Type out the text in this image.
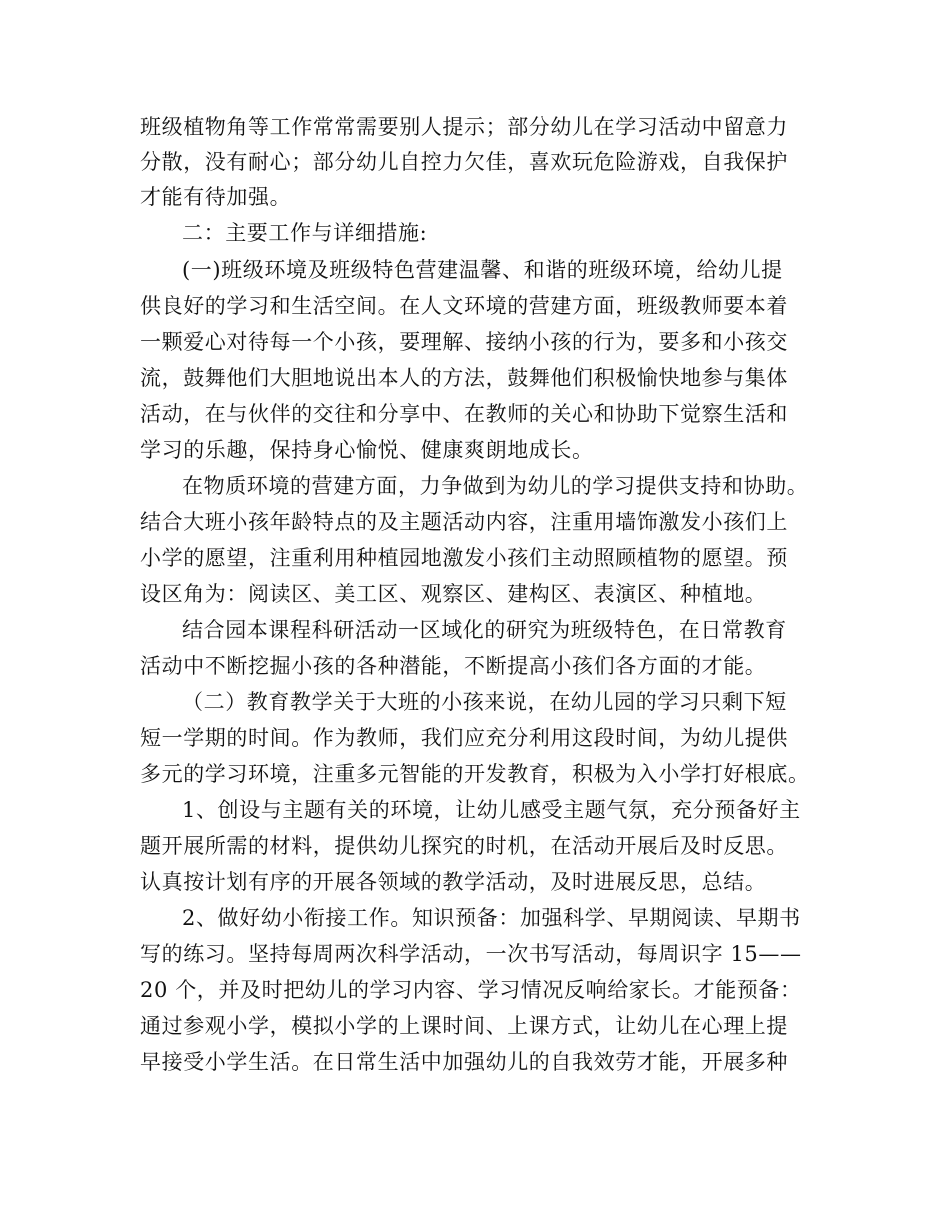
班级植物角等工作常常需要别人提示；部分幼儿在学习活动中留意力
分散，没有耐心；部分幼儿自控力欠佳，喜欢玩危险游戏，自我保护
才能有待加强。
二：主要工作与详细措施:
(一)班级环境及班级特色营建温馨、和谐的班级环境，给幼儿提
供良好的学习和生活空间。在人文环境的营建方面，班级教师要本着
一颗爱心对待每一个小孩，要理解、接纳小孩的行为，要多和小孩交
流，鼓舞他们大胆地说出本人的方法，鼓舞他们积极愉快地参与集体
活动，在与伙伴的交往和分享中、在教师的关心和协助下觉察生活和
学习的乐趣，保持身心愉悦、健康爽朗地成长。
在物质环境的营建方面，力争做到为幼儿的学习提供支持和协助。
结合大班小孩年龄特点的及主题活动内容，注重用墙饰激发小孩们上
小学的愿望，注重利用种植园地激发小孩们主动照顾植物的愿望。预
设区角为：阅读区、美工区、观察区、建构区、表演区、种植地。
结合园本课程科研活动一区域化的研究为班级特色，在日常教育
活动中不断挖掘小孩的各种潜能，不断提高小孩们各方面的才能。
（二）教育教学关于大班的小孩来说，在幼儿园的学习只剩下短
短一学期的时间。作为教师，我们应充分利用这段时间，为幼儿提供
多元的学习环境，注重多元智能的开发教育，积极为入小学打好根底。
1、创设与主题有关的环境，让幼儿感受主题气氛，充分预备好主
题开展所需的材料，提供幼儿探究的时机，在活动开展后及时反思。
认真按计划有序的开展各领域的教学活动，及时进展反思，总结。
2、做好幼小衔接工作。知识预备：加强科学、早期阅读、早期书
写的练习。坚持每周两次科学活动，一次书写活动，每周识字 15——
20 个，并及时把幼儿的学习内容、学习情况反响给家长。才能预备：
通过参观小学，模拟小学的上课时间、上课方式，让幼儿在心理上提
早接受小学生活。在日常生活中加强幼儿的自我效劳才能，开展多种
